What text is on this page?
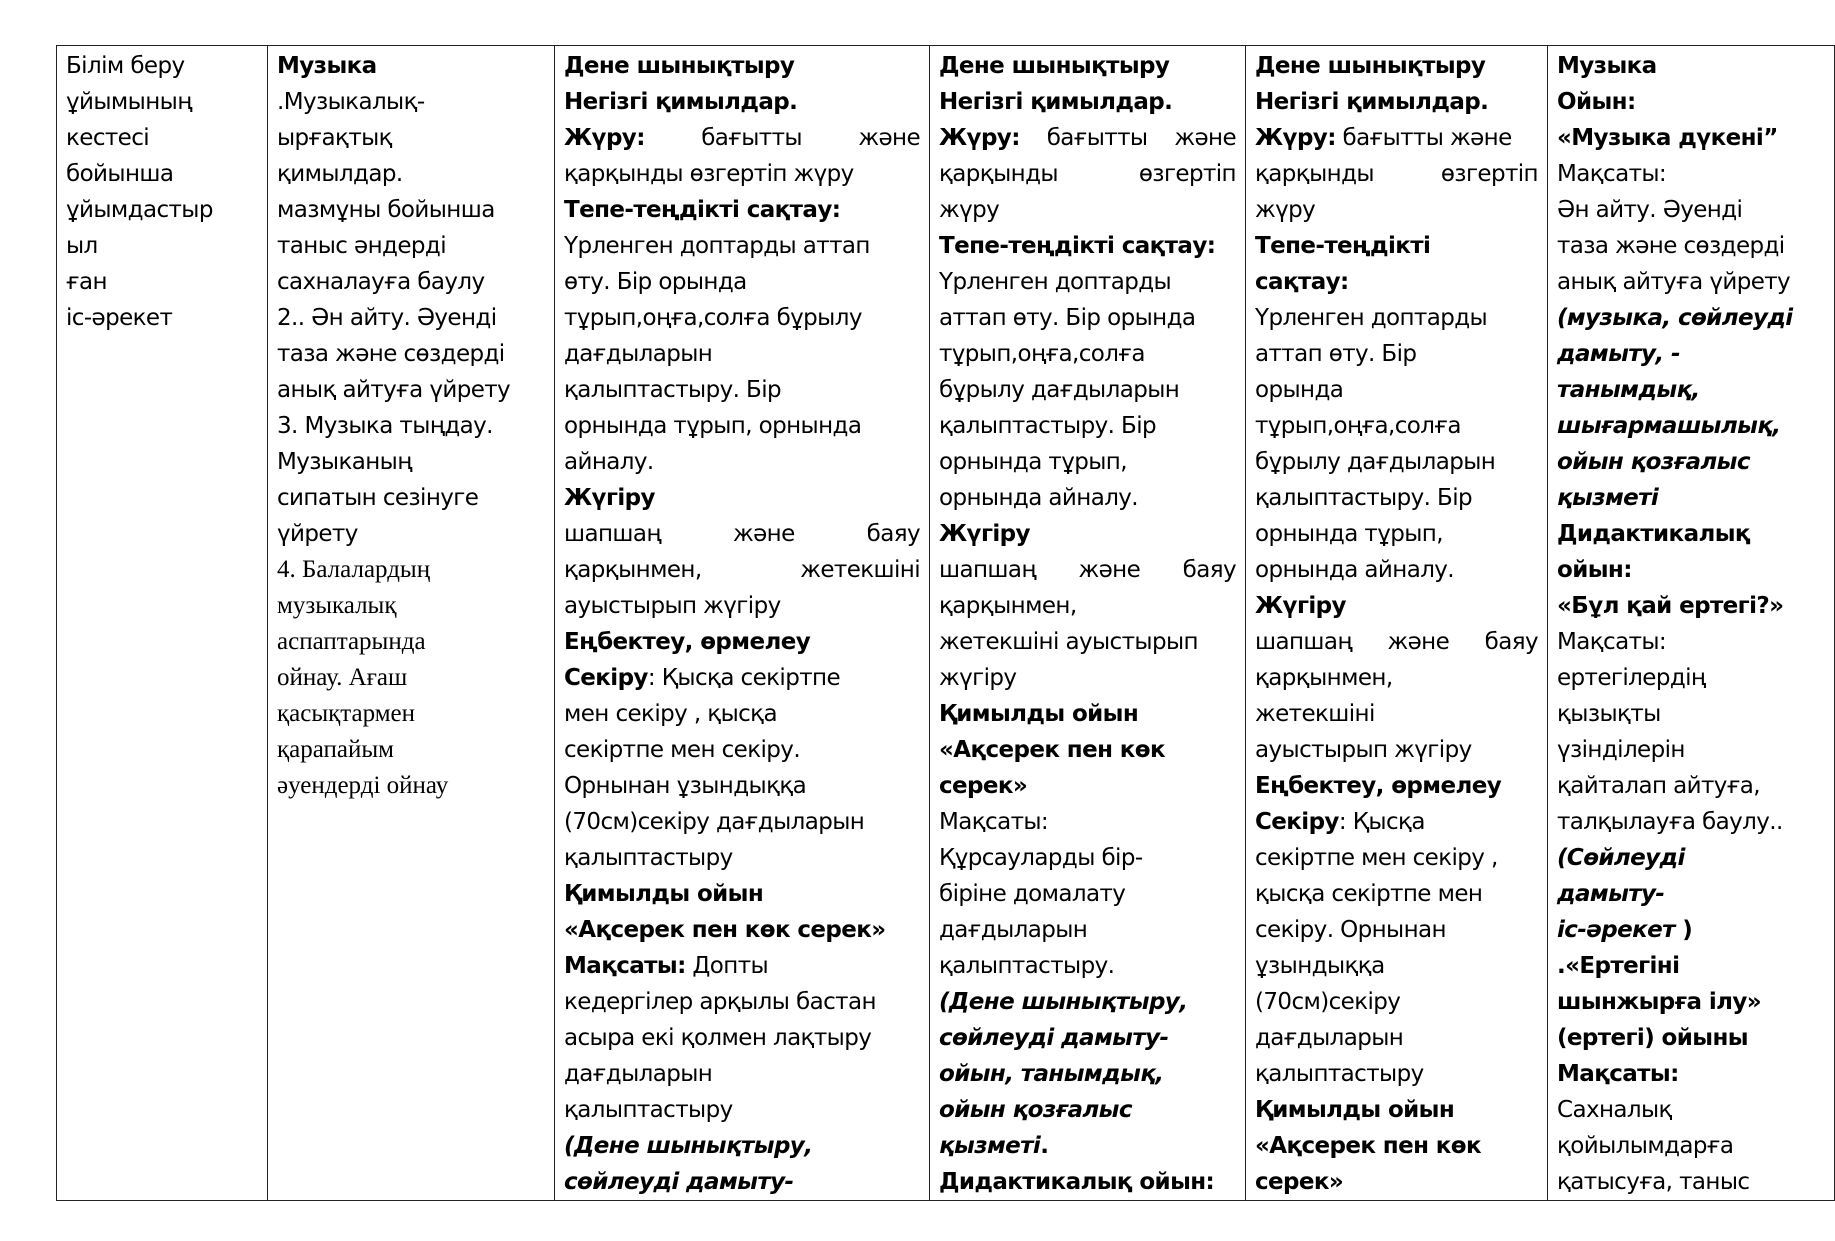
Білім беру
ұйымының
кестесі
бойынша
ұйымдастыр
ыл
ған
іс-әрекет

Музыка
.Музыкалық-
ырғақтық
қимылдар.
мазмұны бойынша
таныс әндерді
сахналауға баулу
2.. Ән айту. Әуенді
таза және сөздерді
анық айтуға үйрету
3. Музыка тыңдау.
Музыканың
сипатын сезінуге
үйрету
4. Балалардың
музыкалық
аспаптарында
ойнау. Ағаш
қасықтармен
қарапайым
әуендерді ойнау

Дене шынықтыру
Негізгі қимылдар.
Жүру: бағытты және
қарқынды өзгертіп жүру
Тепе-теңдікті сақтау:
Үрленген доптарды аттап
өту. Бір орында
тұрып,оңға,солға бұрылу
дағдыларын
қалыптастыру. Бір
орнында тұрып, орнында
айналу.
Жүгіру
шапшаң және баяу
қарқынмен, жетекшіні
ауыстырып жүгіру
Еңбектеу, өрмелеу
Секіру: Қысқа секіртпе
мен секіру , қысқа
секіртпе мен секіру.
Орнынан ұзындыққа
(70см)секіру дағдыларын
қалыптастыру
Қимылды ойын
«Ақсерек пен көк серек»
Мақсаты: Допты
кедергілер арқылы бастан
асыра екі қолмен лақтыру
дағдыларын
қалыптастыру
(Дене шынықтыру,
сөйлеуді дамыту-

Дене шынықтыру
Негізгі қимылдар.
Жүру: бағытты және
қарқынды өзгертіп
жүру
Тепе-теңдікті сақтау:
Үрленген доптарды
аттап өту. Бір орында
тұрып,оңға,солға
бұрылу дағдыларын
қалыптастыру. Бір
орнында тұрып,
орнында айналу.
Жүгіру
шапшаң және баяу
қарқынмен,
жетекшіні ауыстырып
жүгіру
Қимылды ойын
«Ақсерек пен көк
серек»
Мақсаты:
Құрсауларды бір-
біріне домалату
дағдыларын
қалыптастыру.
(Дене шынықтыру,
сөйлеуді дамыту-
ойын, танымдық,
ойын қозғалыс
қызметі.
Дидактикалық ойын:

Дене шынықтыру
Негізгі қимылдар.
Жүру: бағытты және
қарқынды өзгертіп
жүру
Тепе-теңдікті
сақтау:
Үрленген доптарды
аттап өту. Бір
орында
тұрып,оңға,солға
бұрылу дағдыларын
қалыптастыру. Бір
орнында тұрып,
орнында айналу.
Жүгіру
шапшаң және баяу
қарқынмен,
жетекшіні
ауыстырып жүгіру
Еңбектеу, өрмелеу
Секіру: Қысқа
секіртпе мен секіру ,
қысқа секіртпе мен
секіру. Орнынан
ұзындыққа
(70см)секіру
дағдыларын
қалыптастыру
Қимылды ойын
«Ақсерек пен көк
серек»

Музыка
Ойын:
«Музыка дүкені”
Мақсаты:
Ән айту. Әуенді
таза және сөздерді
анық айтуға үйрету
(музыка, сөйлеуді
дамыту, -
танымдық,
шығармашылық,
ойын қозғалыс
қызметі
Дидактикалық
ойын:
«Бұл қай ертегі?»
Мақсаты:
ертегілердің
қызықты
үзінділерін
қайталап айтуға,
талқылауға баулу..
(Сөйлеуді
дамыту-
іс-әрекет )
.«Ертегіні
шынжырға ілу»
(ертегі) ойыны
Мақсаты:
Сахналық
қойылымдарға
қатысуға, таныс
